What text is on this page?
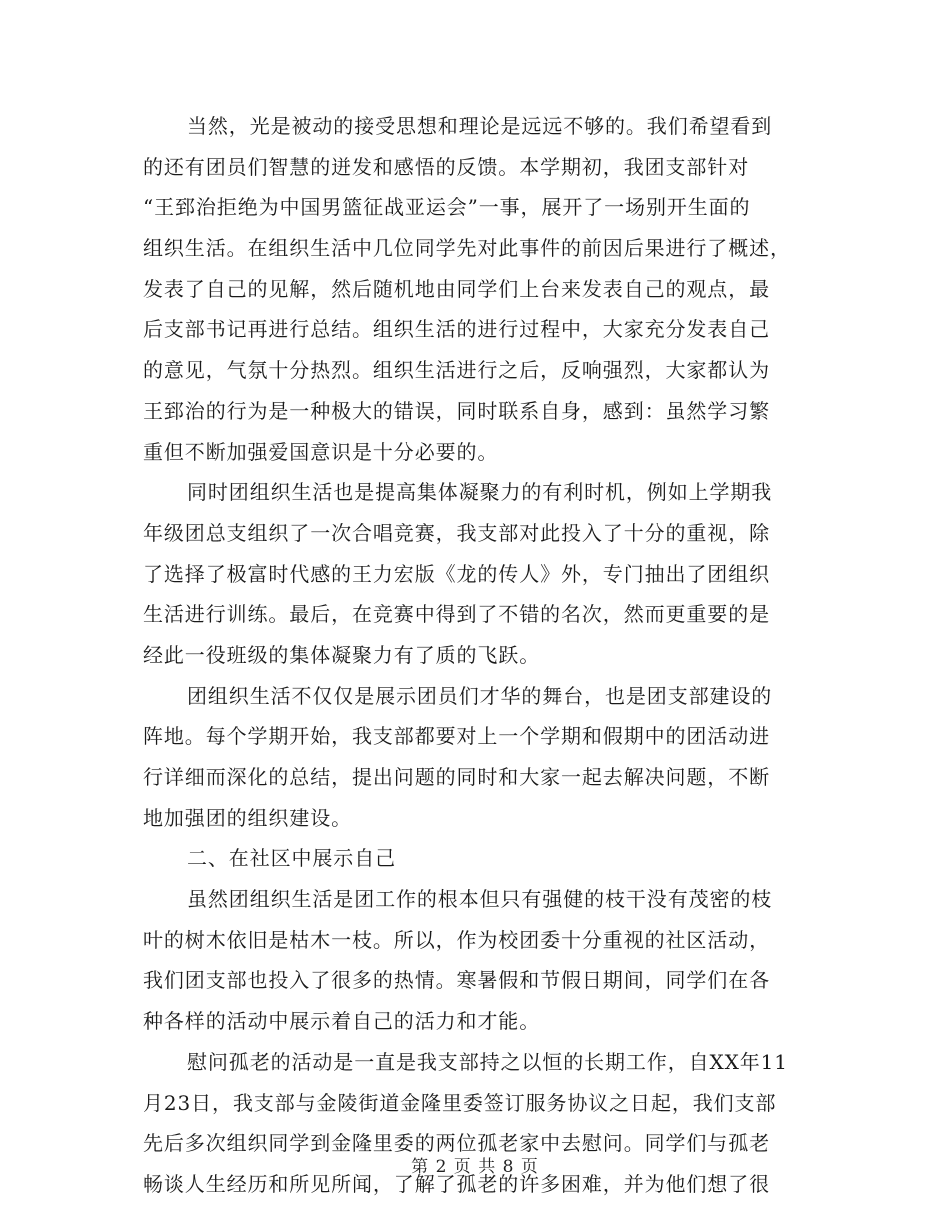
当然，光是被动的接受思想和理论是远远不够的。我们希望看到
的还有团员们智慧的迸发和感悟的反馈。本学期初，我团支部针对
“王郅治拒绝为中国男篮征战亚运会”一事，展开了一场别开生面的
组织生活。在组织生活中几位同学先对此事件的前因后果进行了概述，
发表了自己的见解，然后随机地由同学们上台来发表自己的观点，最
后支部书记再进行总结。组织生活的进行过程中，大家充分发表自己
的意见，气氛十分热烈。组织生活进行之后，反响强烈，大家都认为
王郅治的行为是一种极大的错误，同时联系自身，感到：虽然学习繁
重但不断加强爱国意识是十分必要的。
同时团组织生活也是提高集体凝聚力的有利时机，例如上学期我
年级团总支组织了一次合唱竞赛，我支部对此投入了十分的重视，除
了选择了极富时代感的王力宏版《龙的传人》外，专门抽出了团组织
生活进行训练。最后，在竞赛中得到了不错的名次，然而更重要的是
经此一役班级的集体凝聚力有了质的飞跃。
团组织生活不仅仅是展示团员们才华的舞台，也是团支部建设的
阵地。每个学期开始，我支部都要对上一个学期和假期中的团活动进
行详细而深化的总结，提出问题的同时和大家一起去解决问题，不断
地加强团的组织建设。
二、在社区中展示自己
虽然团组织生活是团工作的根本但只有强健的枝干没有茂密的枝
叶的树木依旧是枯木一枝。所以，作为校团委十分重视的社区活动，
我们团支部也投入了很多的热情。寒暑假和节假日期间，同学们在各
种各样的活动中展示着自己的活力和才能。
慰问孤老的活动是一直是我支部持之以恒的长期工作，自XX年11
月23日，我支部与金陵街道金隆里委签订服务协议之日起，我们支部
先后多次组织同学到金隆里委的两位孤老家中去慰问。同学们与孤老
畅谈人生经历和所见所闻，了解了孤老的许多困难，并为他们想了很
第 2 页 共 8 页
